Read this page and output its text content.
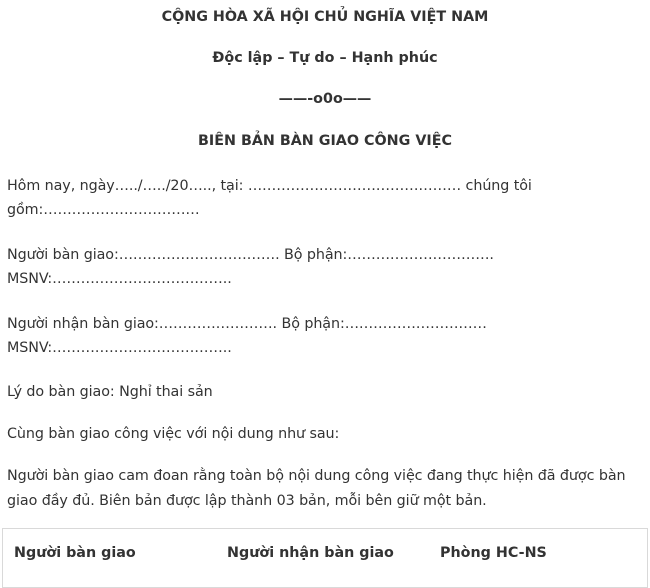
CỘNG HÒA XÃ HỘI CHỦ NGHĨA VIỆT NAM
Độc lập – Tự do – Hạnh phúc
——-o0o——
BIÊN BẢN BÀN GIAO CÔNG VIỆC
Hôm nay, ngày…../…../20….., tại: ……………………………………… chúng tôi
gồm:……………………………
Người bàn giao:……………………………. Bộ phận:………………………….
MSNV:………………………………..
Người nhận bàn giao:……………………. Bộ phận:…………………………
MSNV:………………………………..
Lý do bàn giao: Nghỉ thai sản
Cùng bàn giao công việc với nội dung như sau:
Người bàn giao cam đoan rằng toàn bộ nội dung công việc đang thực hiện đã được bàn
giao đầy đủ. Biên bản được lập thành 03 bản, mỗi bên giữ một bản.
Người bàn giao	Người nhận bàn giao	Phòng HC-NS
